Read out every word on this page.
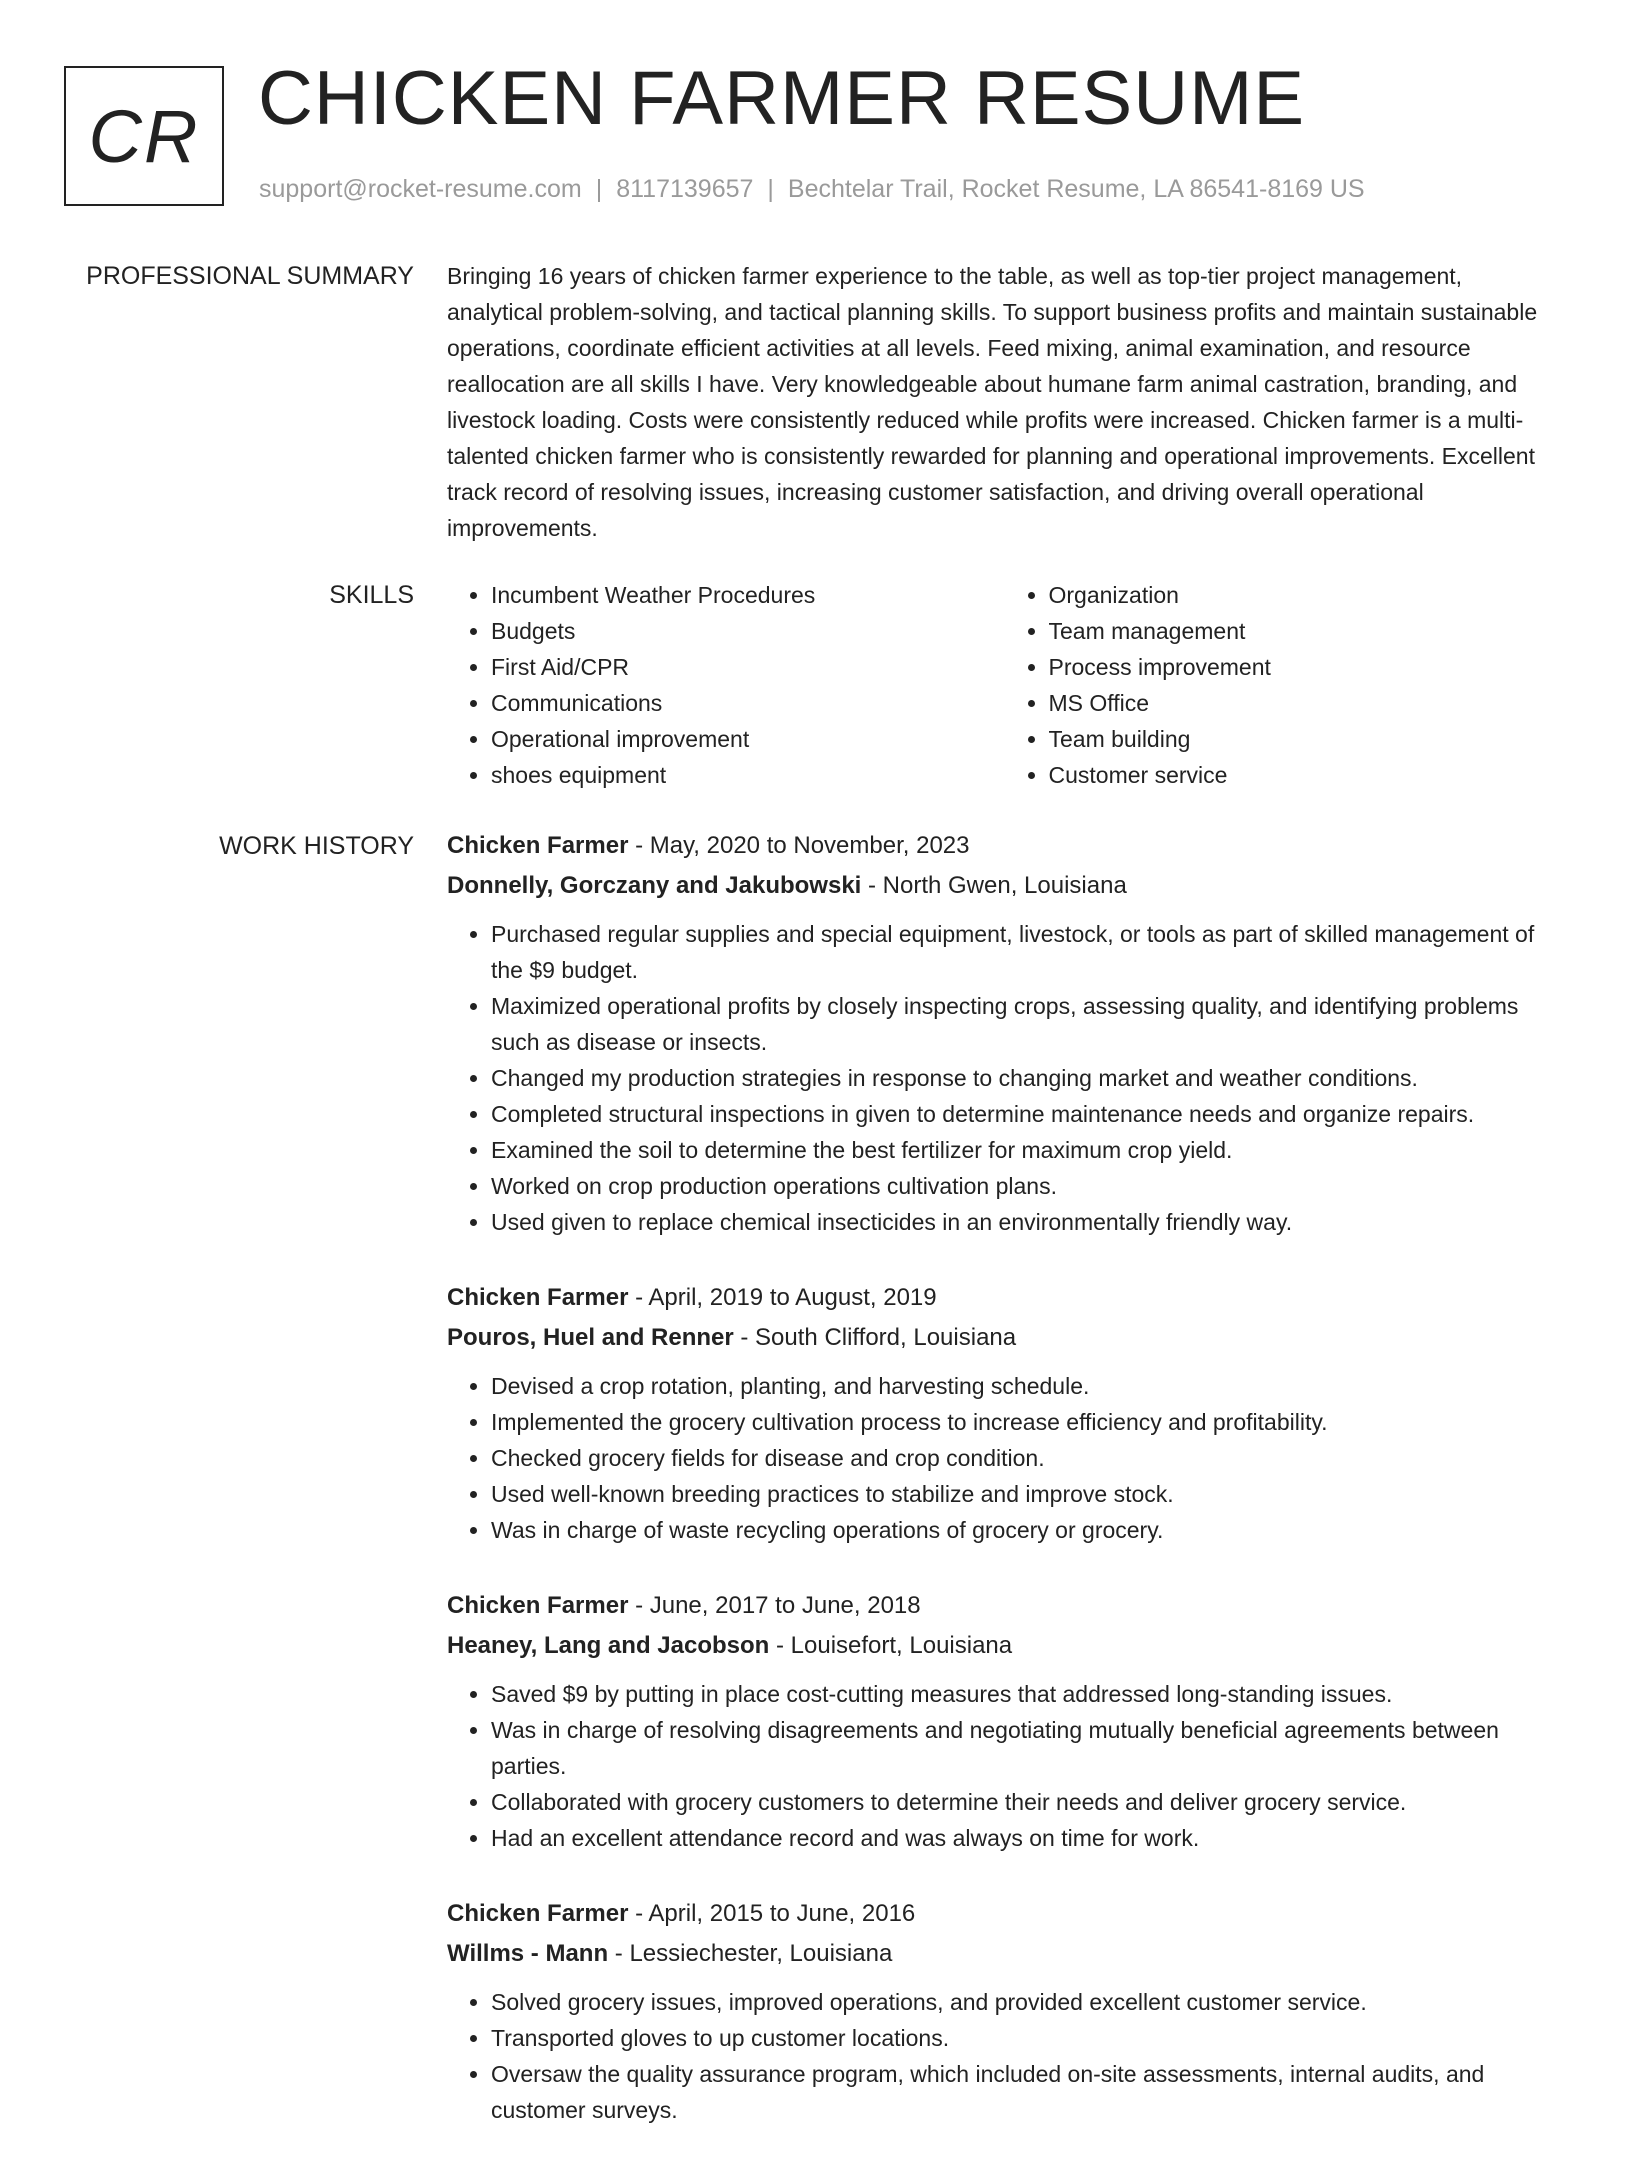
CR CHICKEN FARMER RESUME
support@rocket-resume.com | 8117139657 | Bechtelar Trail, Rocket Resume, LA 86541-8169 US
PROFESSIONAL SUMMARY Bringing 16 years of chicken farmer experience to the table, as well as top-tier project management, analytical problem-solving, and tactical planning skills. To support business profits and maintain sustainable operations, coordinate efficient activities at all levels. Feed mixing, animal examination, and resource reallocation are all skills I have. Very knowledgeable about humane farm animal castration, branding, and livestock loading. Costs were consistently reduced while profits were increased. Chicken farmer is a multi-talented chicken farmer who is consistently rewarded for planning and operational improvements. Excellent track record of resolving issues, increasing customer satisfaction, and driving overall operational improvements.

SKILLS
•	Incumbent Weather Procedures
• Budgets
• First Aid/CPR
• Communications
• Operational improvement
• shoes equipment
• Organization
• Team management
• Process improvement
• MS Office
• Team building
• Customer service
WORK HISTORY Chicken Farmer - May, 2020 to November, 2023
Donnelly, Gorczany and Jakubowski - North Gwen, Louisiana
• Purchased regular supplies and special equipment, livestock, or tools as part of skilled management of the $9 budget.
• Maximized operational profits by closely inspecting crops, assessing quality, and identifying problems such as disease or insects.
• Changed my production strategies in response to changing market and weather conditions.
• Completed structural inspections in given to determine maintenance needs and organize repairs.
• Examined the soil to determine the best fertilizer for maximum crop yield.
• Worked on crop production operations cultivation plans.
• Used given to replace chemical insecticides in an environmentally friendly way.
Chicken Farmer - April, 2019 to August, 2019
Pouros, Huel and Renner - South Clifford, Louisiana
• Devised a crop rotation, planting, and harvesting schedule.
• Implemented the grocery cultivation process to increase efficiency and profitability.
• Checked grocery fields for disease and crop condition.
• Used well-known breeding practices to stabilize and improve stock.
• Was in charge of waste recycling operations of grocery or grocery.
Chicken Farmer - June, 2017 to June, 2018
Heaney, Lang and Jacobson - Louisefort, Louisiana
• Saved $9 by putting in place cost-cutting measures that addressed long-standing issues.
• Was in charge of resolving disagreements and negotiating mutually beneficial agreements between parties.
• Collaborated with grocery customers to determine their needs and deliver grocery service.
• Had an excellent attendance record and was always on time for work.
Chicken Farmer - April, 2015 to June, 2016
Willms - Mann - Lessiechester, Louisiana
• Solved grocery issues, improved operations, and provided excellent customer service.
• Transported gloves to up customer locations.
• Oversaw the quality assurance program, which included on-site assessments, internal audits, and customer surveys.
